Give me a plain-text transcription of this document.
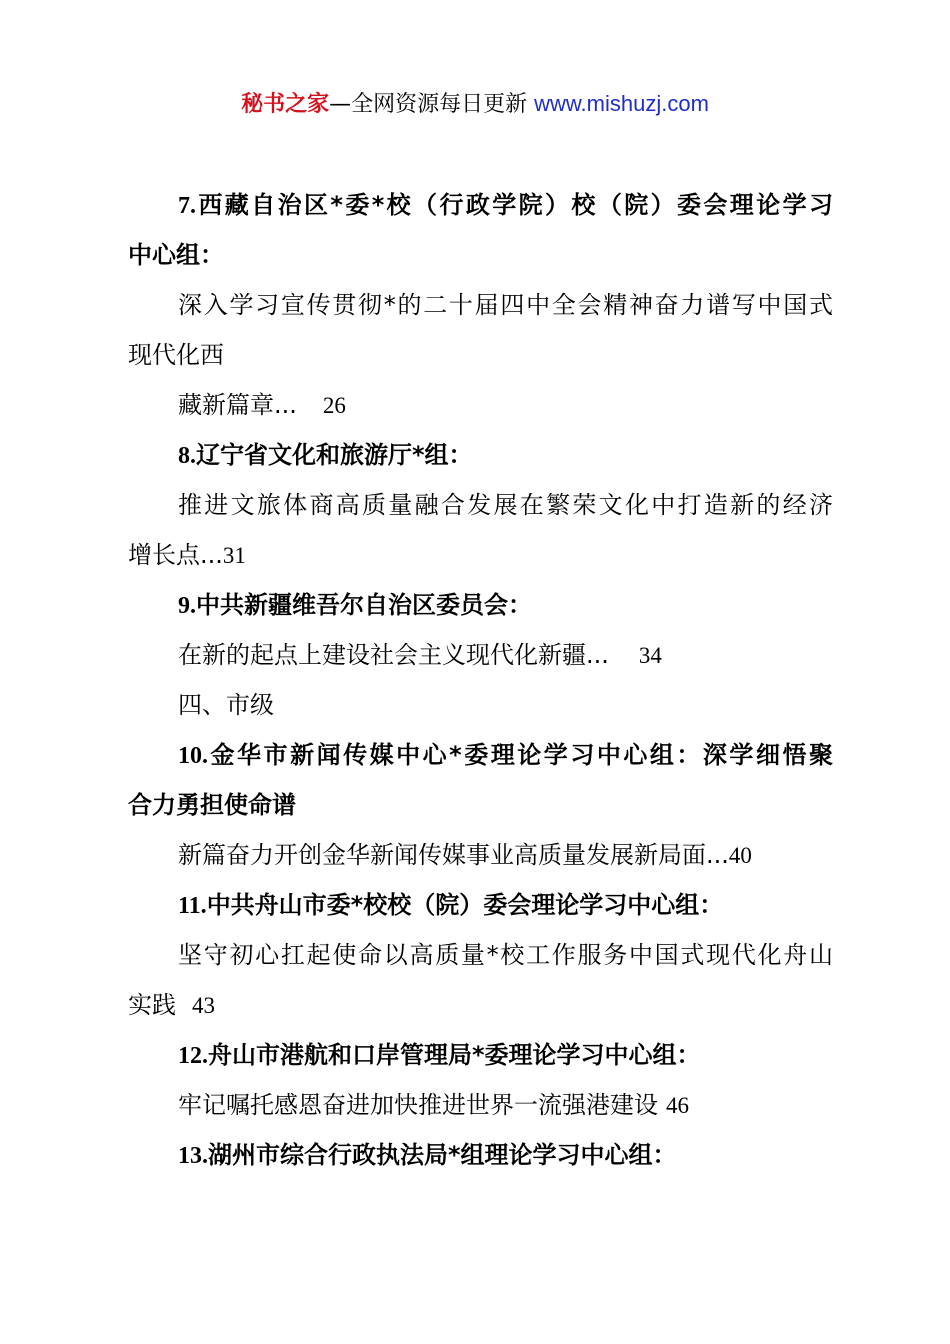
秘书之家—全网资源每日更新 www.mishuzj.com
7.西藏自治区*委*校（行政学院）校（院）委会理论学习
中心组：
深入学习宣传贯彻*的二十届四中全会精神奋力谱写中国式
现代化西
藏新篇章... 26
8.辽宁省文化和旅游厅*组：
推进文旅体商高质量融合发展在繁荣文化中打造新的经济
增长点...31
9.中共新疆维吾尔自治区委员会：
在新的起点上建设社会主义现代化新疆... 34
四、市级
10.金华市新闻传媒中心*委理论学习中心组：深学细悟聚
合力勇担使命谱
新篇奋力开创金华新闻传媒事业高质量发展新局面...40
11.中共舟山市委*校校（院）委会理论学习中心组：
坚守初心扛起使命以高质量*校工作服务中国式现代化舟山
实践 43
12.舟山市港航和口岸管理局*委理论学习中心组：
牢记嘱托感恩奋进加快推进世界一流强港建设 46
13.湖州市综合行政执法局*组理论学习中心组：
